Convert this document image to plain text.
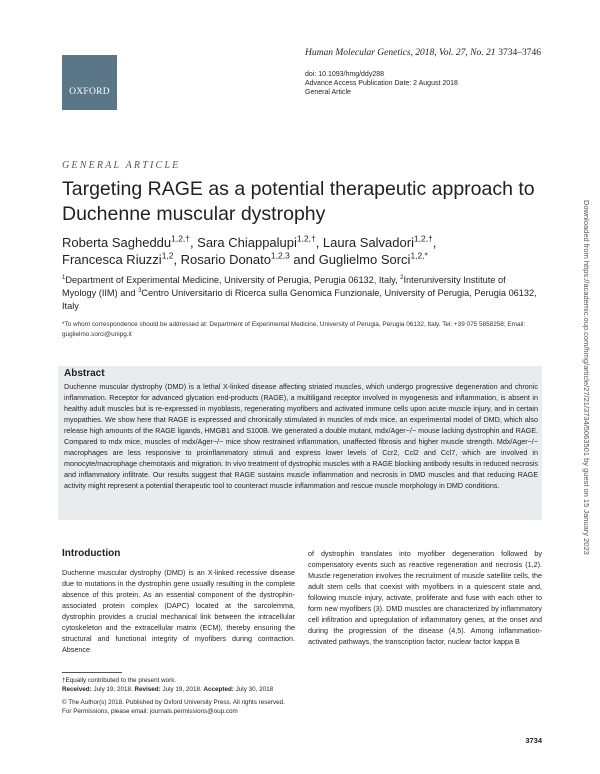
OXFORD
Human Molecular Genetics, 2018, Vol. 27, No. 21 3734–3746
doi: 10.1093/hmg/ddy288
Advance Access Publication Date: 2 August 2018
General Article
GENERAL ARTICLE
Targeting RAGE as a potential therapeutic approach to Duchenne muscular dystrophy
Roberta Sagheddu$^{1,2,\dagger}$, Sara Chiappalupi$^{1,2,\dagger}$, Laura Salvadori$^{1,2,\dagger}$,
Francesca Riuzzi$^{1,2}$, Rosario Donato$^{1,2,3}$ and Guglielmo Sorci$^{1,2,*}$
$^1$Department of Experimental Medicine, University of Perugia, Perugia 06132, Italy, $^2$Interuniversity Institute of Myology (IIM) and $^3$Centro Universitario di Ricerca sulla Genomica Funzionale, University of Perugia, Perugia 06132, Italy
*To whom correspondence should be addressed at: Department of Experimental Medicine, University of Perugia, Perugia 06132, Italy. Tel: +39 075 5858258; Email: guglielmo.sorci@unipg.it
Abstract
Duchenne muscular dystrophy (DMD) is a lethal X-linked disease affecting striated muscles, which undergo progressive degeneration and chronic inflammation. Receptor for advanced glycation end-products (RAGE), a multiligand receptor involved in myogenesis and inflammation, is absent in healthy adult muscles but is re-expressed in myoblasts, regenerating myofibers and activated immune cells upon acute muscle injury, and in certain myopathies. We show here that RAGE is expressed and chronically stimulated in muscles of mdx mice, an experimental model of DMD, which also release high amounts of the RAGE ligands, HMGB1 and S100B. We generated a double mutant, mdx/Ager−/− mouse lacking dystrophin and RAGE. Compared to mdx mice, muscles of mdx/Ager−/− mice show restrained inflammation, unaffected fibrosis and higher muscle strength. Mdx/Ager−/− macrophages are less responsive to proinflammatory stimuli and express lower levels of Ccr2, Ccl2 and Ccl7, which are involved in monocyte/macrophage chemotaxis and migration. In vivo treatment of dystrophic muscles with a RAGE blocking antibody results in reduced necrosis and inflammatory infiltrate. Our results suggest that RAGE sustains muscle inflammation and necrosis in DMD muscles and that reducing RAGE activity might represent a potential therapeutic tool to counteract muscle inflammation and rescue muscle morphology in DMD conditions.
Introduction
Duchenne muscular dystrophy (DMD) is an X-linked recessive disease due to mutations in the dystrophin gene usually resulting in the complete absence of this protein. As an essential component of the dystrophin-associated protein complex (DAPC) located at the sarcolemma, dystrophin provides a crucial mechanical link between the intracellular cytoskeleton and the extracellular matrix (ECM), thereby ensuring the structural and functional integrity of myofibers during contraction. Absence
of dystrophin translates into myofiber degeneration followed by compensatory events such as reactive regeneration and necrosis (1,2). Muscle regeneration involves the recruitment of muscle satellite cells, the adult stem cells that coexist with myofibers in a quiescent state and, following muscle injury, activate, proliferate and fuse with each other to form new myofibers (3). DMD muscles are characterized by inflammatory cell infiltration and upregulation of inflammatory genes, at the onset and during the progression of the disease (4,5). Among inflammation-activated pathways, the transcription factor, nuclear factor kappa B
†Equally contributed to the present work.
Received: July 19, 2018. Revised: July 19, 2018. Accepted: July 30, 2018
© The Author(s) 2018. Published by Oxford University Press. All rights reserved.
For Permissions, please email: journals.permissions@oup.com
3734
Downloaded from https://academic.oup.com/hmg/article/27/21/3734/5063501 by guest on 15 January 2023
